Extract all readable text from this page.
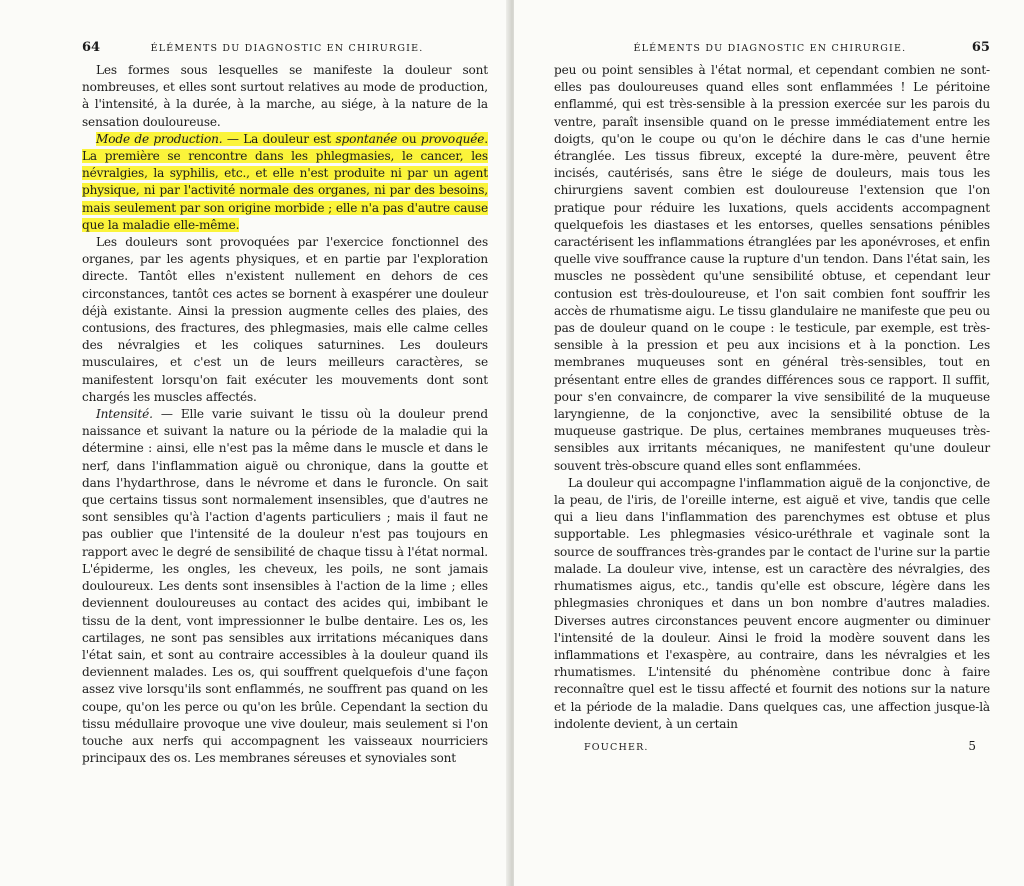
64	ÉLÉMENTS DU DIAGNOSTIC EN CHIRURGIE.

Les formes sous lesquelles se manifeste la douleur sont nombreuses, et elles sont surtout relatives au mode de production, à l'intensité, à la durée, à la marche, au siége, à la nature de la sensation douloureuse.

Mode de production. — La douleur est spontanée ou provoquée. La première se rencontre dans les phlegmasies, le cancer, les névralgies, la syphilis, etc., et elle n'est produite ni par un agent physique, ni par l'activité normale des organes, ni par des besoins, mais seulement par son origine morbide ; elle n'a pas d'autre cause que la maladie elle-même.

Les douleurs sont provoquées par l'exercice fonctionnel des organes, par les agents physiques, et en partie par l'exploration directe. Tantôt elles n'existent nullement en dehors de ces circonstances, tantôt ces actes se bornent à exaspérer une douleur déjà existante. Ainsi la pression augmente celles des plaies, des contusions, des fractures, des phlegmasies, mais elle calme celles des névralgies et les coliques saturnines. Les douleurs musculaires, et c'est un de leurs meilleurs caractères, se manifestent lorsqu'on fait exécuter les mouvements dont sont chargés les muscles affectés.

Intensité. — Elle varie suivant le tissu où la douleur prend naissance et suivant la nature ou la période de la maladie qui la détermine : ainsi, elle n'est pas la même dans le muscle et dans le nerf, dans l'inflammation aiguë ou chronique, dans la goutte et dans l'hydarthrose, dans le névrome et dans le furoncle. On sait que certains tissus sont normalement insensibles, que d'autres ne sont sensibles qu'à l'action d'agents particuliers ; mais il faut ne pas oublier que l'intensité de la douleur n'est pas toujours en rapport avec le degré de sensibilité de chaque tissu à l'état normal. L'épiderme, les ongles, les cheveux, les poils, ne sont jamais douloureux. Les dents sont insensibles à l'action de la lime ; elles deviennent douloureuses au contact des acides qui, imbibant le tissu de la dent, vont impressionner le bulbe dentaire. Les os, les cartilages, ne sont pas sensibles aux irritations mécaniques dans l'état sain, et sont au contraire accessibles à la douleur quand ils deviennent malades. Les os, qui souffrent quelquefois d'une façon assez vive lorsqu'ils sont enflammés, ne souffrent pas quand on les coupe, qu'on les perce ou qu'on les brûle. Cependant la section du tissu médullaire provoque une vive douleur, mais seulement si l'on touche aux nerfs qui accompagnent les vaisseaux nourriciers principaux des os. Les membranes séreuses et synoviales sont

ÉLÉMENTS DU DIAGNOSTIC EN CHIRURGIE.	65

peu ou point sensibles à l'état normal, et cependant combien ne sont-elles pas douloureuses quand elles sont enflammées ! Le péritoine enflammé, qui est très-sensible à la pression exercée sur les parois du ventre, paraît insensible quand on le presse immédiatement entre les doigts, qu'on le coupe ou qu'on le déchire dans le cas d'une hernie étranglée. Les tissus fibreux, excepté la dure-mère, peuvent être incisés, cautérisés, sans être le siége de douleurs, mais tous les chirurgiens savent combien est douloureuse l'extension que l'on pratique pour réduire les luxations, quels accidents accompagnent quelquefois les diastases et les entorses, quelles sensations pénibles caractérisent les inflammations étranglées par les aponévroses, et enfin quelle vive souffrance cause la rupture d'un tendon. Dans l'état sain, les muscles ne possèdent qu'une sensibilité obtuse, et cependant leur contusion est très-douloureuse, et l'on sait combien font souffrir les accès de rhumatisme aigu. Le tissu glandulaire ne manifeste que peu ou pas de douleur quand on le coupe : le testicule, par exemple, est très-sensible à la pression et peu aux incisions et à la ponction. Les membranes muqueuses sont en général très-sensibles, tout en présentant entre elles de grandes différences sous ce rapport. Il suffit, pour s'en convaincre, de comparer la vive sensibilité de la muqueuse laryngienne, de la conjonctive, avec la sensibilité obtuse de la muqueuse gastrique. De plus, certaines membranes muqueuses très-sensibles aux irritants mécaniques, ne manifestent qu'une douleur souvent très-obscure quand elles sont enflammées.

La douleur qui accompagne l'inflammation aiguë de la conjonctive, de la peau, de l'iris, de l'oreille interne, est aiguë et vive, tandis que celle qui a lieu dans l'inflammation des parenchymes est obtuse et plus supportable. Les phlegmasies vésico-uréthrale et vaginale sont la source de souffrances très-grandes par le contact de l'urine sur la partie malade. La douleur vive, intense, est un caractère des névralgies, des rhumatismes aigus, etc., tandis qu'elle est obscure, légère dans les phlegmasies chroniques et dans un bon nombre d'autres maladies. Diverses autres circonstances peuvent encore augmenter ou diminuer l'intensité de la douleur. Ainsi le froid la modère souvent dans les inflammations et l'exaspère, au contraire, dans les névralgies et les rhumatismes. L'intensité du phénomène contribue donc à faire reconnaître quel est le tissu affecté et fournit des notions sur la nature et la période de la maladie. Dans quelques cas, une affection jusque-là indolente devient, à un certain

FOUCHER.	5
